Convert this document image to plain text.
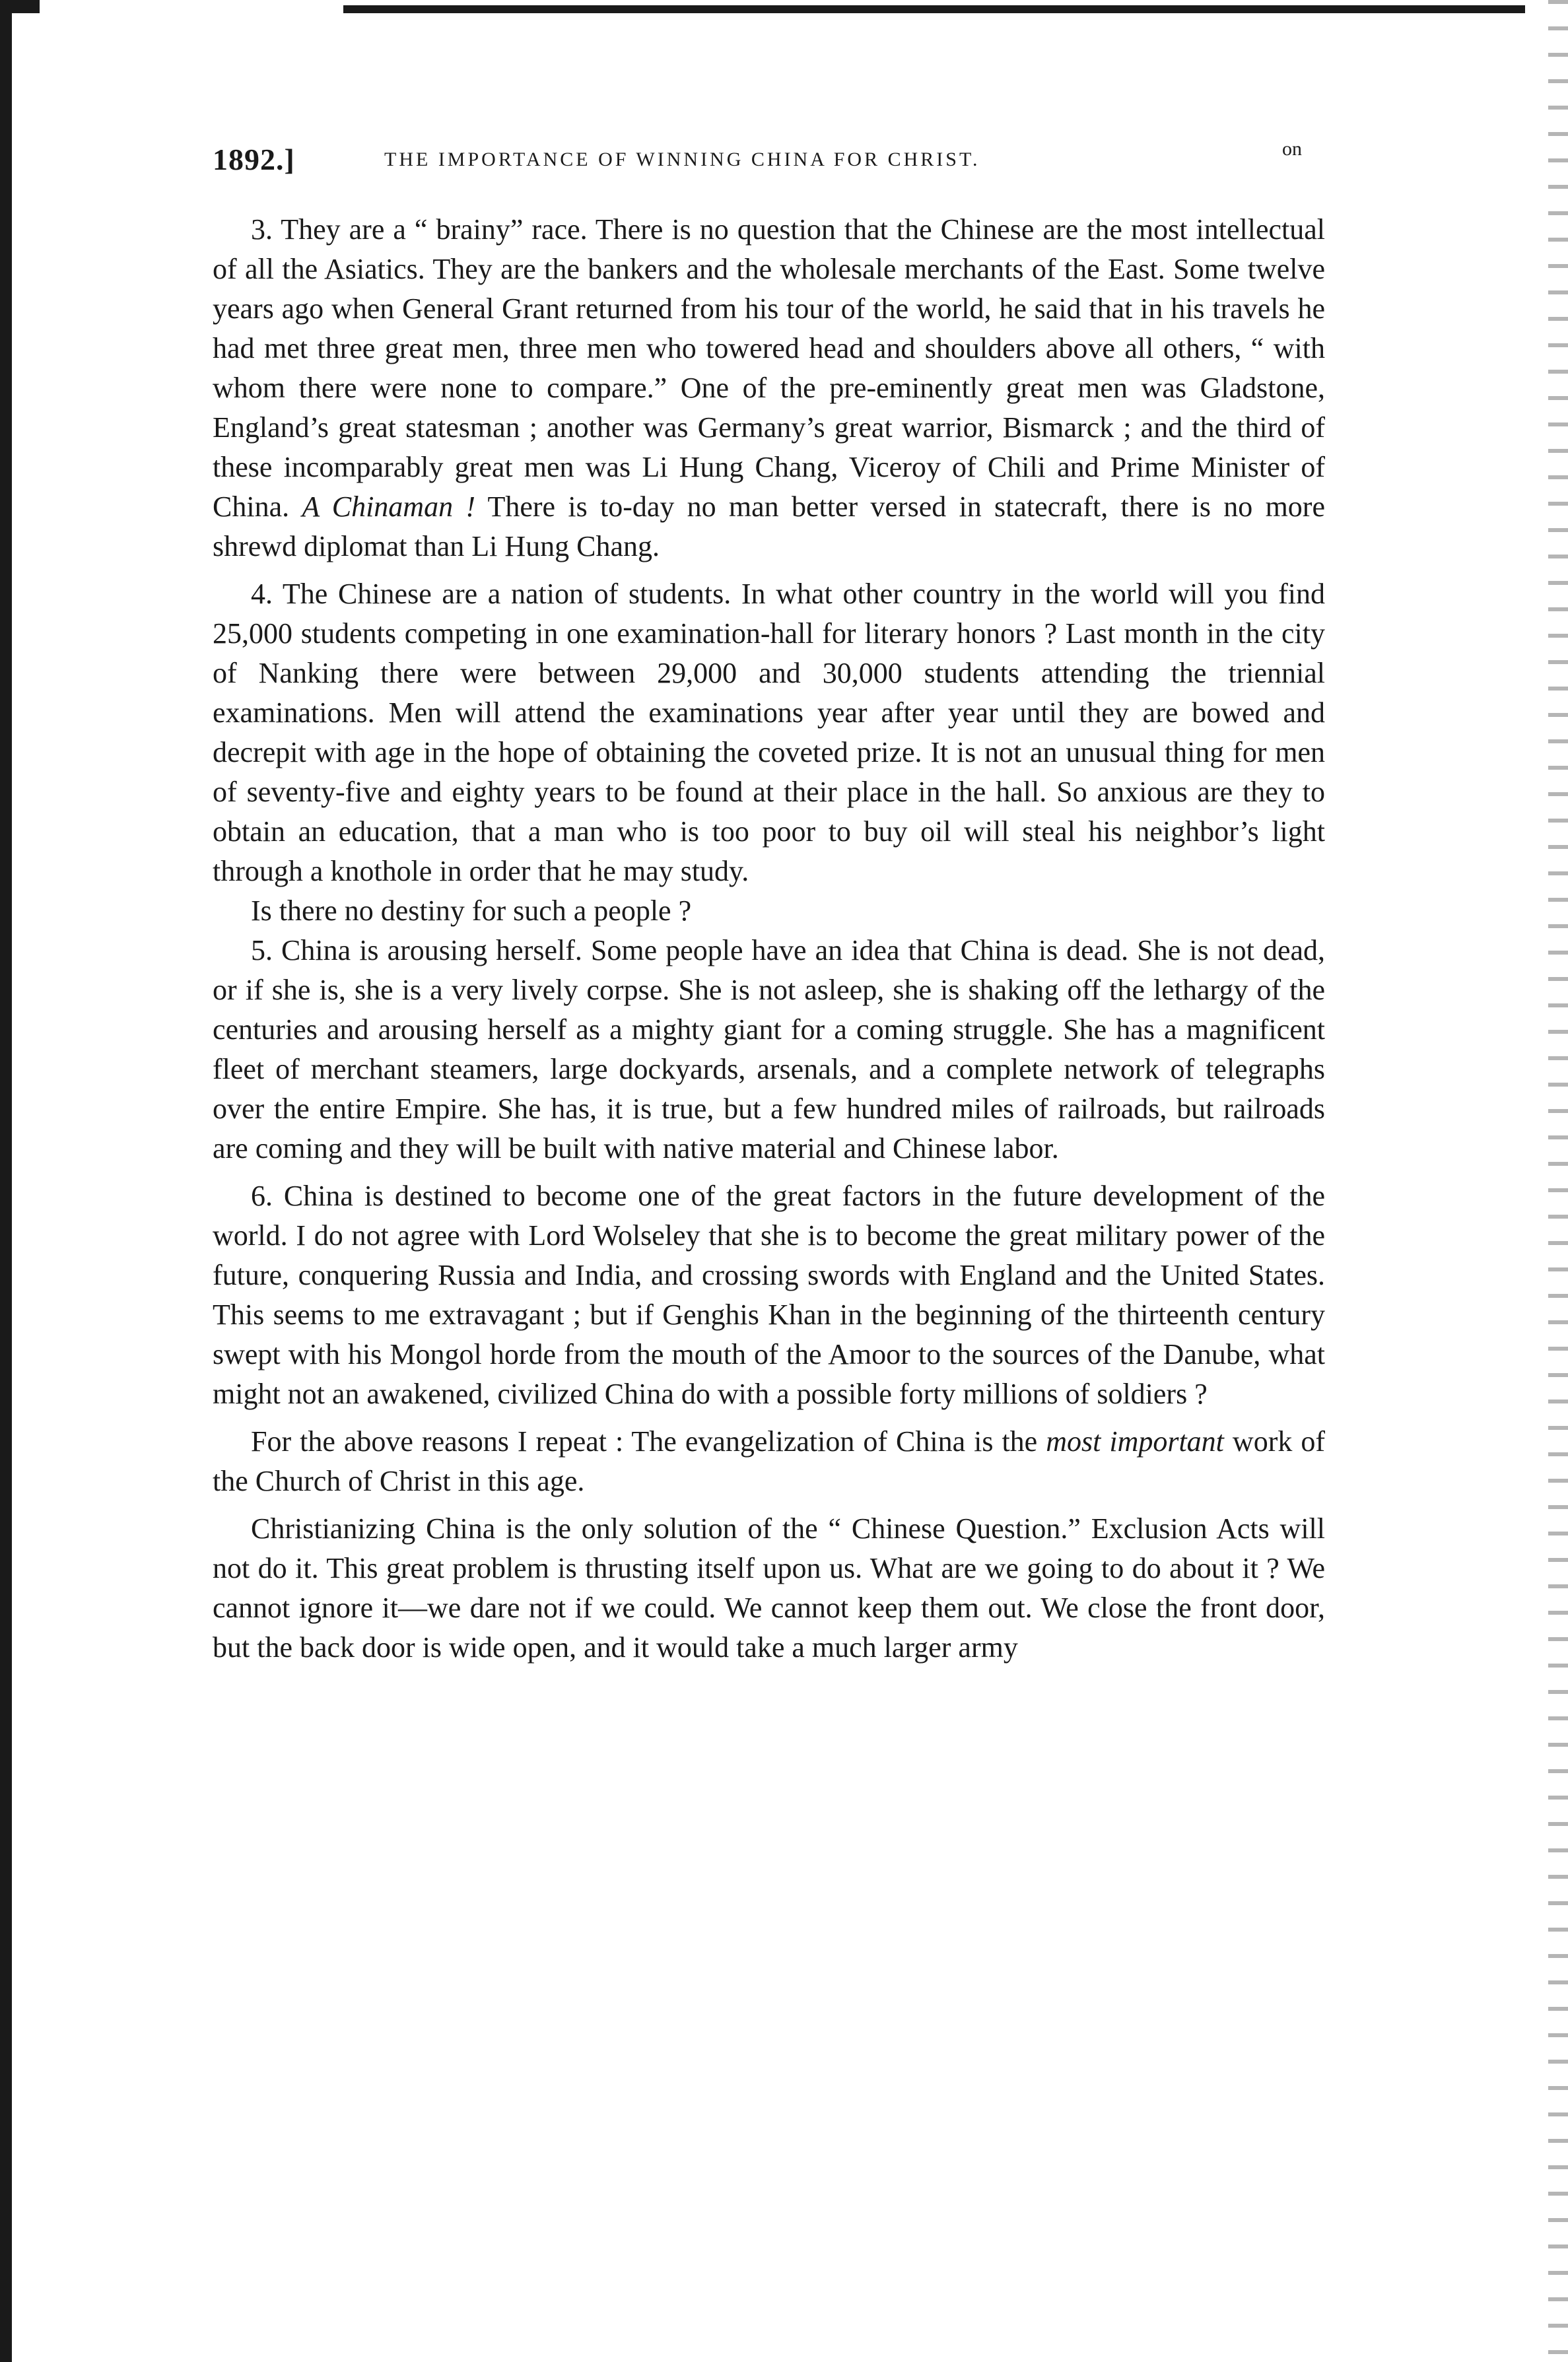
1892.]	THE IMPORTANCE OF WINNING CHINA FOR CHRIST.	on

3. They are a “ brainy” race. There is no question that the Chinese are the most intellectual of all the Asiatics. They are the bankers and the wholesale merchants of the East. Some twelve years ago when General Grant returned from his tour of the world, he said that in his travels he had met three great men, three men who towered head and shoulders above all others, “ with whom there were none to compare.” One of the pre-eminently great men was Gladstone, England’s great statesman ; another was Germany’s great warrior, Bismarck ; and the third of these incomparably great men was Li Hung Chang, Viceroy of Chili and Prime Minister of China. A Chinaman ! There is to-day no man better versed in statecraft, there is no more shrewd diplomat than Li Hung Chang.

4. The Chinese are a nation of students. In what other country in the world will you find 25,000 students competing in one examination-hall for literary honors ? Last month in the city of Nanking there were between 29,000 and 30,000 students attending the triennial examinations. Men will attend the examinations year after year until they are bowed and decrepit with age in the hope of obtaining the coveted prize. It is not an unusual thing for men of seventy-five and eighty years to be found at their place in the hall. So anxious are they to obtain an education, that a man who is too poor to buy oil will steal his neighbor’s light through a knothole in order that he may study.

Is there no destiny for such a people ?

5. China is arousing herself. Some people have an idea that China is dead. She is not dead, or if she is, she is a very lively corpse. She is not asleep, she is shaking off the lethargy of the centuries and arousing herself as a mighty giant for a coming struggle. She has a magnificent fleet of merchant steamers, large dockyards, arsenals, and a complete network of telegraphs over the entire Empire. She has, it is true, but a few hundred miles of railroads, but railroads are coming and they will be built with native material and Chinese labor.

6. China is destined to become one of the great factors in the future development of the world. I do not agree with Lord Wolseley that she is to become the great military power of the future, conquering Russia and India, and crossing swords with England and the United States. This seems to me extravagant ; but if Genghis Khan in the beginning of the thirteenth century swept with his Mongol horde from the mouth of the Amoor to the sources of the Danube, what might not an awakened, civilized China do with a possible forty millions of soldiers ?

For the above reasons I repeat : The evangelization of China is the most important work of the Church of Christ in this age.

Christianizing China is the only solution of the “ Chinese Question.” Exclusion Acts will not do it. This great problem is thrusting itself upon us. What are we going to do about it ? We cannot ignore it—we dare not if we could. We cannot keep them out. We close the front door, but the back door is wide open, and it would take a much larger army
